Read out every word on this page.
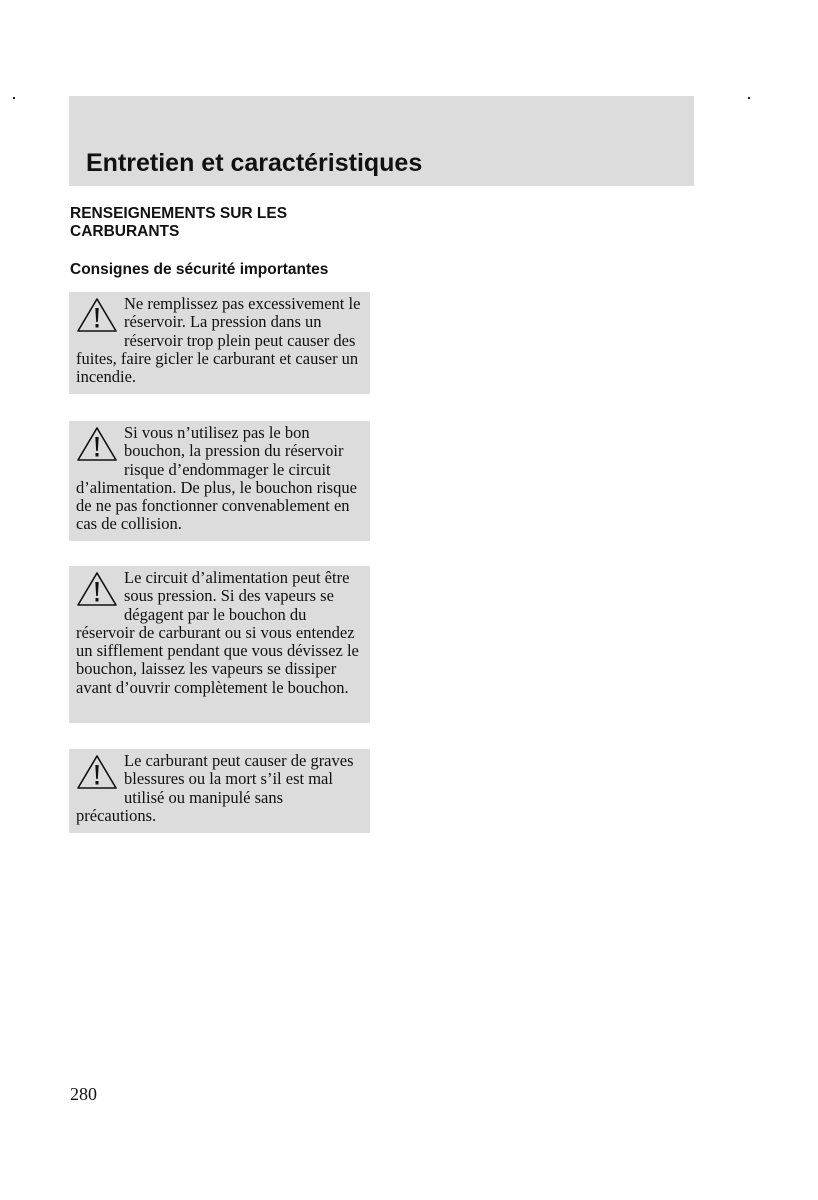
Entretien et caractéristiques
RENSEIGNEMENTS SUR LES CARBURANTS
Consignes de sécurité importantes

Ne remplissez pas excessivement le réservoir. La pression dans un réservoir trop plein peut causer des fuites, faire gicler le carburant et causer un incendie.

Si vous n’utilisez pas le bon bouchon, la pression du réservoir risque d’endommager le circuit d’alimentation. De plus, le bouchon risque de ne pas fonctionner convenablement en cas de collision.

Le circuit d’alimentation peut être sous pression. Si des vapeurs se dégagent par le bouchon du réservoir de carburant ou si vous entendez un sifflement pendant que vous dévissez le bouchon, laissez les vapeurs se dissiper avant d’ouvrir complètement le bouchon.

Le carburant peut causer de graves blessures ou la mort s’il est mal utilisé ou manipulé sans précautions.

280
